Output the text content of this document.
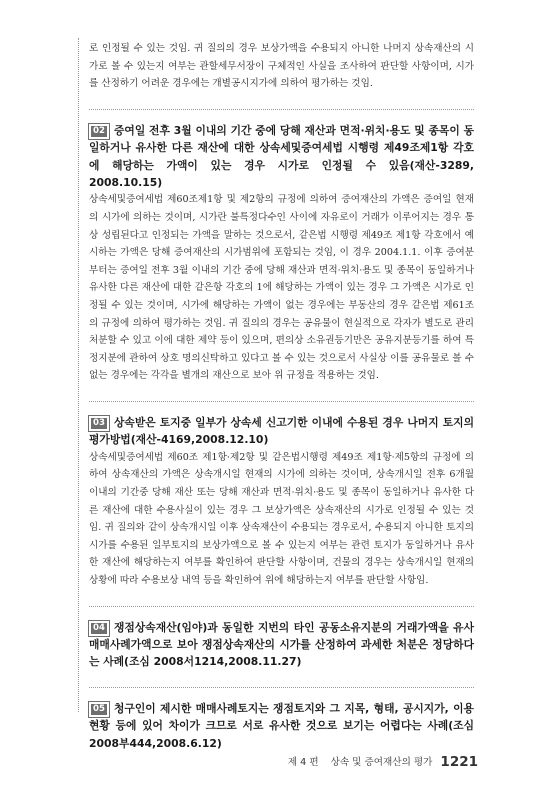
로 인정될 수 있는 것임. 귀 질의의 경우 보상가액을 수용되지 아니한 나머지 상속재산의 시가로 볼 수 있는지 여부는 관할세무서장이 구체적인 사실을 조사하여 판단할 사항이며, 시가를 산정하기 어려운 경우에는 개별공시지가에 의하여 평가하는 것임.

02 증여일 전후 3월 이내의 기간 중에 당해 재산과 면적·위치·용도 및 종목이 동일하거나 유사한 다른 재산에 대한 상속세및증여세법 시행령 제49조제1항 각호에 해당하는 가액이 있는 경우 시가로 인정될 수 있음(재산-3289, 2008.10.15)

상속세및증여세법 제60조제1항 및 제2항의 규정에 의하여 증여재산의 가액은 증여일 현재의 시가에 의하는 것이며, 시가란 불특정다수인 사이에 자유로이 거래가 이루어지는 경우 통상 성립된다고 인정되는 가액을 말하는 것으로서, 같은법 시행령 제49조 제1항 각호에서 예시하는 가액은 당해 증여재산의 시가범위에 포함되는 것임, 이 경우 2004.1.1. 이후 증여분 부터는 증여일 전후 3월 이내의 기간 중에 당해 재산과 면적·위치·용도 및 종목이 동일하거나 유사한 다른 재산에 대한 같은항 각호의 1에 해당하는 가액이 있는 경우 그 가액은 시가로 인정될 수 있는 것이며, 시가에 해당하는 가액이 없는 경우에는 부동산의 경우 같은법 제61조의 규정에 의하여 평가하는 것임. 귀 질의의 경우는 공유물이 현실적으로 각자가 별도로 관리처분할 수 있고 이에 대한 제약 등이 있으며, 편의상 소유권등기만은 공유지분등기를 하여 특정지분에 관하여 상호 명의신탁하고 있다고 볼 수 있는 것으로서 사실상 이를 공유물로 볼 수 없는 경우에는 각각을 별개의 재산으로 보아 위 규정을 적용하는 것임.

03 상속받은 토지중 일부가 상속세 신고기한 이내에 수용된 경우 나머지 토지의 평가방법(재산-4169,2008.12.10)

상속세및증여세법 제60조 제1항·제2항 및 같은법시행령 제49조 제1항·제5항의 규정에 의하여 상속재산의 가액은 상속개시일 현재의 시가에 의하는 것이며, 상속개시일 전후 6개월 이내의 기간중 당해 재산 또는 당해 재산과 면적·위치·용도 및 종목이 동일하거나 유사한 다른 재산에 대한 수용사실이 있는 경우 그 보상가액은 상속재산의 시가로 인정될 수 있는 것임. 귀 질의와 같이 상속개시일 이후 상속재산이 수용되는 경우로서, 수용되지 아니한 토지의 시가를 수용된 일부토지의 보상가액으로 볼 수 있는지 여부는 관련 토지가 동일하거나 유사한 재산에 해당하는지 여부를 확인하여 판단할 사항이며, 건물의 경우는 상속개시일 현재의 상황에 따라 수용보상 내역 등을 확인하여 위에 해당하는지 여부를 판단할 사항임.

04 쟁점상속재산(임야)과 동일한 지번의 타인 공동소유지분의 거래가액을 유사매매사례가액으로 보아 쟁점상속재산의 시가를 산정하여 과세한 처분은 정당하다는 사례(조심 2008서1214,2008.11.27)

05 청구인이 제시한 매매사례토지는 쟁점토지와 그 지목, 형태, 공시지가, 이용현황 등에 있어 차이가 크므로 서로 유사한 것으로 보기는 어렵다는 사례(조심 2008부444,2008.6.12)

제 4 편 상속 및 증여재산의 평가 1221
